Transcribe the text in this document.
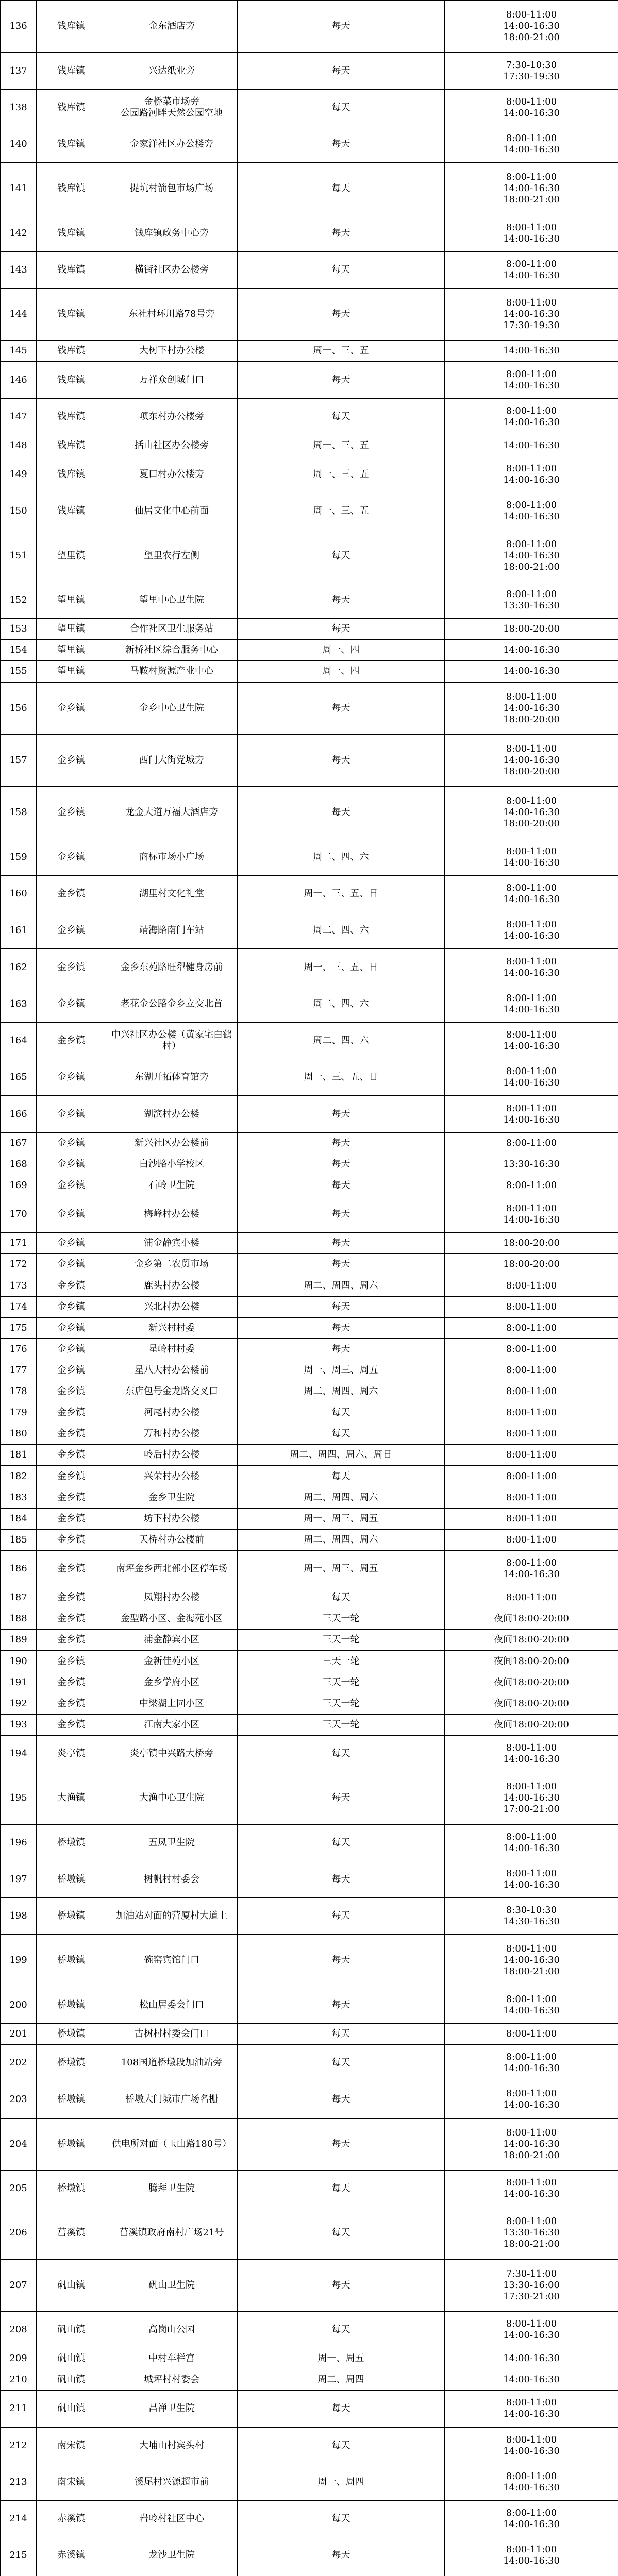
136	钱库镇	金东酒店旁	每天	8:00-11:00
14:00-16:30
18:00-21:00
137	钱库镇	兴达纸业旁	每天	7:30-10:30
17:30-19:30
138	钱库镇	金桥菜市场旁
公园路河畔天然公园空地	每天	8:00-11:00
14:00-16:30
140	钱库镇	金家洋社区办公楼旁	每天	8:00-11:00
14:00-16:30
141	钱库镇	捉坑村箭包市场广场	每天	8:00-11:00
14:00-16:30
18:00-21:00
142	钱库镇	钱库镇政务中心旁	每天	8:00-11:00
14:00-16:30
143	钱库镇	横街社区办公楼旁	每天	8:00-11:00
14:00-16:30
144	钱库镇	东社村环川路78号旁	每天	8:00-11:00
14:00-16:30
17:30-19:30
145	钱库镇	大树下村办公楼	周一、三、五	14:00-16:30
146	钱库镇	万祥众创城门口	每天	8:00-11:00
14:00-16:30
147	钱库镇	项东村办公楼旁	每天	8:00-11:00
14:00-16:30
148	钱库镇	括山社区办公楼旁	周一、三、五	14:00-16:30
149	钱库镇	夏口村办公楼旁	周一、三、五	8:00-11:00
14:00-16:30
150	钱库镇	仙居文化中心前面	周一、三、五	8:00-11:00
14:00-16:30
151	望里镇	望里农行左侧	每天	8:00-11:00
14:00-16:30
18:00-21:00
152	望里镇	望里中心卫生院	每天	8:00-11:00
13:30-16:30
153	望里镇	合作社区卫生服务站	每天	18:00-20:00
154	望里镇	新桥社区综合服务中心	周一、四	14:00-16:30
155	望里镇	马鞍村资源产业中心	周一、四	14:00-16:30
156	金乡镇	金乡中心卫生院	每天	8:00-11:00
14:00-16:30
18:00-20:00
157	金乡镇	西门大街党城旁	每天	8:00-11:00
14:00-16:30
18:00-20:00
158	金乡镇	龙金大道万福大酒店旁	每天	8:00-11:00
14:00-16:30
18:00-20:00
159	金乡镇	商标市场小广场	周二、四、六	8:00-11:00
14:00-16:30
160	金乡镇	湖里村文化礼堂	周一、三、五、日	8:00-11:00
14:00-16:30
161	金乡镇	靖海路南门车站	周二、四、六	8:00-11:00
14:00-16:30
162	金乡镇	金乡东苑路旺犁健身房前	周一、三、五、日	8:00-11:00
14:00-16:30
163	金乡镇	老花金公路金乡立交北首	周二、四、六	8:00-11:00
14:00-16:30
164	金乡镇	中兴社区办公楼（黄家宅白鹤村）	周二、四、六	8:00-11:00
14:00-16:30
165	金乡镇	东湖开拓体育馆旁	周一、三、五、日	8:00-11:00
14:00-16:30
166	金乡镇	湖滨村办公楼	每天	8:00-11:00
14:00-16:30
167	金乡镇	新兴社区办公楼前	每天	8:00-11:00
168	金乡镇	白沙路小学校区	每天	13:30-16:30
169	金乡镇	石岭卫生院	每天	8:00-11:00
170	金乡镇	梅峰村办公楼	每天	8:00-11:00
14:00-16:30
171	金乡镇	浦金静宾小楼	每天	18:00-20:00
172	金乡镇	金乡第二农贸市场	每天	18:00-20:00
173	金乡镇	鹿头村办公楼	周二、周四、周六	8:00-11:00
174	金乡镇	兴北村办公楼	每天	8:00-11:00
175	金乡镇	新兴村村委	每天	8:00-11:00
176	金乡镇	星岭村村委	每天	8:00-11:00
177	金乡镇	星八大村办公楼前	周一、周三、周五	8:00-11:00
178	金乡镇	东店包号金龙路交叉口	周二、周四、周六	8:00-11:00
179	金乡镇	河尾村办公楼	每天	8:00-11:00
180	金乡镇	万和村办公楼	每天	8:00-11:00
181	金乡镇	岭后村办公楼	周二、周四、周六、周日	8:00-11:00
182	金乡镇	兴荣村办公楼	每天	8:00-11:00
183	金乡镇	金乡卫生院	周二、周四、周六	8:00-11:00
184	金乡镇	坊下村办公楼	周一、周三、周五	8:00-11:00
185	金乡镇	天桥村办公楼前	周二、周四、周六	8:00-11:00
186	金乡镇	南坪金乡西北部小区停车场	周一、周三、周五	8:00-11:00
14:00-16:30
187	金乡镇	凤翔村办公楼	每天	8:00-11:00
188	金乡镇	金型路小区、金海苑小区	三天一轮	夜间18:00-20:00
189	金乡镇	浦金静宾小区	三天一轮	夜间18:00-20:00
190	金乡镇	金新佳苑小区	三天一轮	夜间18:00-20:00
191	金乡镇	金乡学府小区	三天一轮	夜间18:00-20:00
192	金乡镇	中梁湖上园小区	三天一轮	夜间18:00-20:00
193	金乡镇	江南大家小区	三天一轮	夜间18:00-20:00
194	炎亭镇	炎亭镇中兴路大桥旁	每天	8:00-11:00
14:00-16:30
195	大渔镇	大渔中心卫生院	每天	8:00-11:00
14:00-16:30
17:00-21:00
196	桥墩镇	五凤卫生院	每天	8:00-11:00
14:00-16:30
197	桥墩镇	树帆村村委会	每天	8:00-11:00
14:00-16:30
198	桥墩镇	加油站对面的营厦村大道上	每天	8:30-10:30
14:30-16:30
199	桥墩镇	碗窑宾馆门口	每天	8:00-11:00
14:00-16:30
18:00-21:00
200	桥墩镇	松山居委会门口	每天	8:00-11:00
14:00-16:30
201	桥墩镇	古树村村委会门口	每天	8:00-11:00
202	桥墩镇	108国道桥墩段加油站旁	每天	8:00-11:00
14:00-16:30
203	桥墩镇	桥墩大门城市广场名栅	每天	8:00-11:00
14:00-16:30
204	桥墩镇	供电所对面（玉山路180号）	每天	8:00-11:00
14:00-16:30
18:00-21:00
205	桥墩镇	腾拜卫生院	每天	8:00-11:00
14:00-16:30
206	莒溪镇	莒溪镇政府南村广场21号	每天	8:00-11:00
13:30-16:30
18:00-21:00
207	矾山镇	矾山卫生院	每天	7:30-11:00
13:30-16:00
17:30-21:00
208	矾山镇	高岗山公园	每天	8:00-11:00
14:00-16:30
209	矾山镇	中村车栏宫	周一、周五	14:00-16:30
210	矾山镇	城坪村村委会	周二、周四	14:00-16:30
211	矾山镇	昌禅卫生院	每天	8:00-11:00
14:00-16:30
212	南宋镇	大埔山村宾头村	每天	8:00-11:00
14:00-16:30
213	南宋镇	溪尾村兴源超市前	周一、周四	8:00-11:00
14:00-16:30
214	赤溪镇	岩岭村社区中心	每天	8:00-11:00
14:00-16:30
215	赤溪镇	龙沙卫生院	每天	8:00-11:00
14:00-16:30
